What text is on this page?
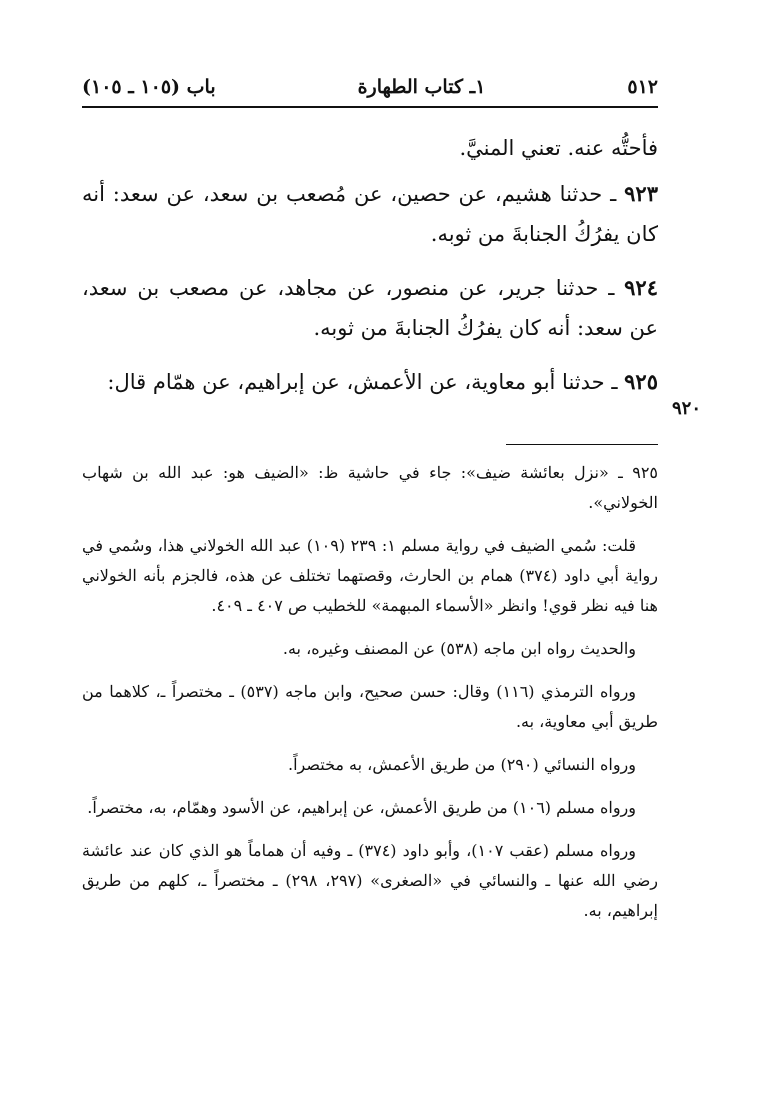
٥١٢
١ـ كتاب الطهارة
باب (١٠٥ ـ ١٠٥)

فأحتُّه عنه. تعني المنيَّ.

٩٢٣ ـ حدثنا هشيم، عن حصين، عن مُصعب بن سعد، عن سعد: أنه كان يفرُكُ الجنابةَ من ثوبه.

٩٢٤ ـ حدثنا جرير، عن منصور، عن مجاهد، عن مصعب بن سعد، عن سعد: أنه كان يفرُكُ الجنابةَ من ثوبه.

٩٢٥ ـ حدثنا أبو معاوية، عن الأعمش، عن إبراهيم، عن همّام قال:

٩٢٠

٩٢٥ ـ «نزل بعائشة ضيف»: جاء في حاشية ظ: «الضيف هو: عبد الله بن شهاب الخولاني».

قلت: سُمي الضيف في رواية مسلم ١: ٢٣٩ (١٠٩) عبد الله الخولاني هذا، وسُمي في رواية أبي داود (٣٧٤) همام بن الحارث، وقصتهما تختلف عن هذه، فالجزم بأنه الخولاني هنا فيه نظر قوي! وانظر «الأسماء المبهمة» للخطيب ص ٤٠٧ ـ ٤٠٩.

والحديث رواه ابن ماجه (٥٣٨) عن المصنف وغيره، به.

ورواه الترمذي (١١٦) وقال: حسن صحيح، وابن ماجه (٥٣٧) ـ مختصراً ـ، كلاهما من طريق أبي معاوية، به.

ورواه النسائي (٢٩٠) من طريق الأعمش، به مختصراً.

ورواه مسلم (١٠٦) من طريق الأعمش، عن إبراهيم، عن الأسود وهمّام، به، مختصراً.

ورواه مسلم (عقب ١٠٧)، وأبو داود (٣٧٤) ـ وفيه أن هماماً هو الذي كان عند عائشة رضي الله عنها ـ والنسائي في «الصغرى» (٢٩٧، ٢٩٨) ـ مختصراً ـ، كلهم من طريق إبراهيم، به.
